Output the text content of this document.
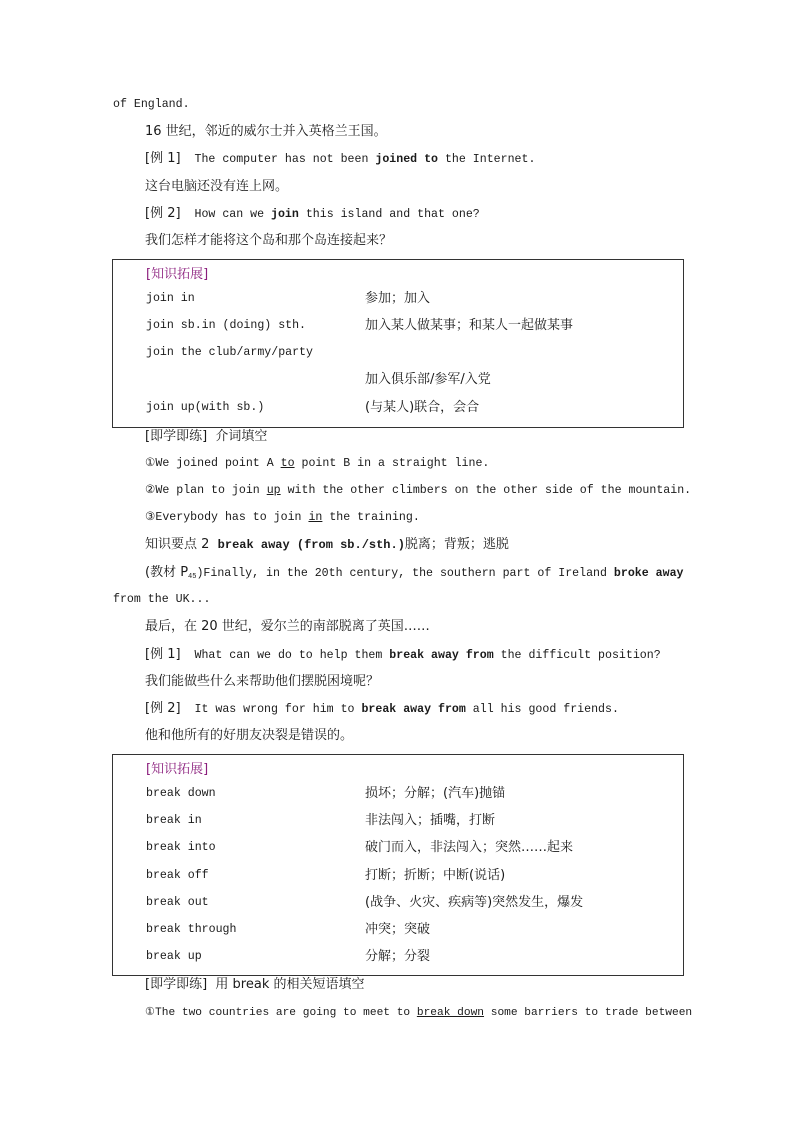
of England.
16 世纪，邻近的威尔士并入英格兰王国。
[例 1] The computer has not been joined to the Internet.
这台电脑还没有连上网。
[例 2] How can we join this island and that one?
我们怎样才能将这个岛和那个岛连接起来？
[知识拓展]
join in	参加；加入
join sb.in (doing) sth.	加入某人做某事；和某人一起做某事
join the club/army/party
加入俱乐部/参军/入党
join up(with sb.)	(与某人)联合，会合
[即学即练] 介词填空
①We joined point A to point B in a straight line.
②We plan to join up with the other climbers on the other side of the mountain.
③Everybody has to join in the training.
知识要点 2 break away (from sb./sth.)脱离；背叛；逃脱
(教材 $P_{45})Finally$, in the 20th century, the southern part of Ireland broke away
from the UK...
最后，在 20 世纪，爱尔兰的南部脱离了英国……
[例 1] What can we do to help them break away from the difficult position?
我们能做些什么来帮助他们摆脱困境呢？
[例 2] It was wrong for him to break away from all his good friends.
他和他所有的好朋友决裂是错误的。
[知识拓展]
break down	损坏；分解；(汽车)抛锚
break in	非法闯入；插嘴，打断
break into	破门而入，非法闯入；突然……起来
break off	打断；折断；中断(说话)
break out	(战争、火灾、疾病等)突然发生，爆发
break through	冲突；突破
break up	分解；分裂
[即学即练] 用 break 的相关短语填空
①The two countries are going to meet to break down some barriers to trade between
